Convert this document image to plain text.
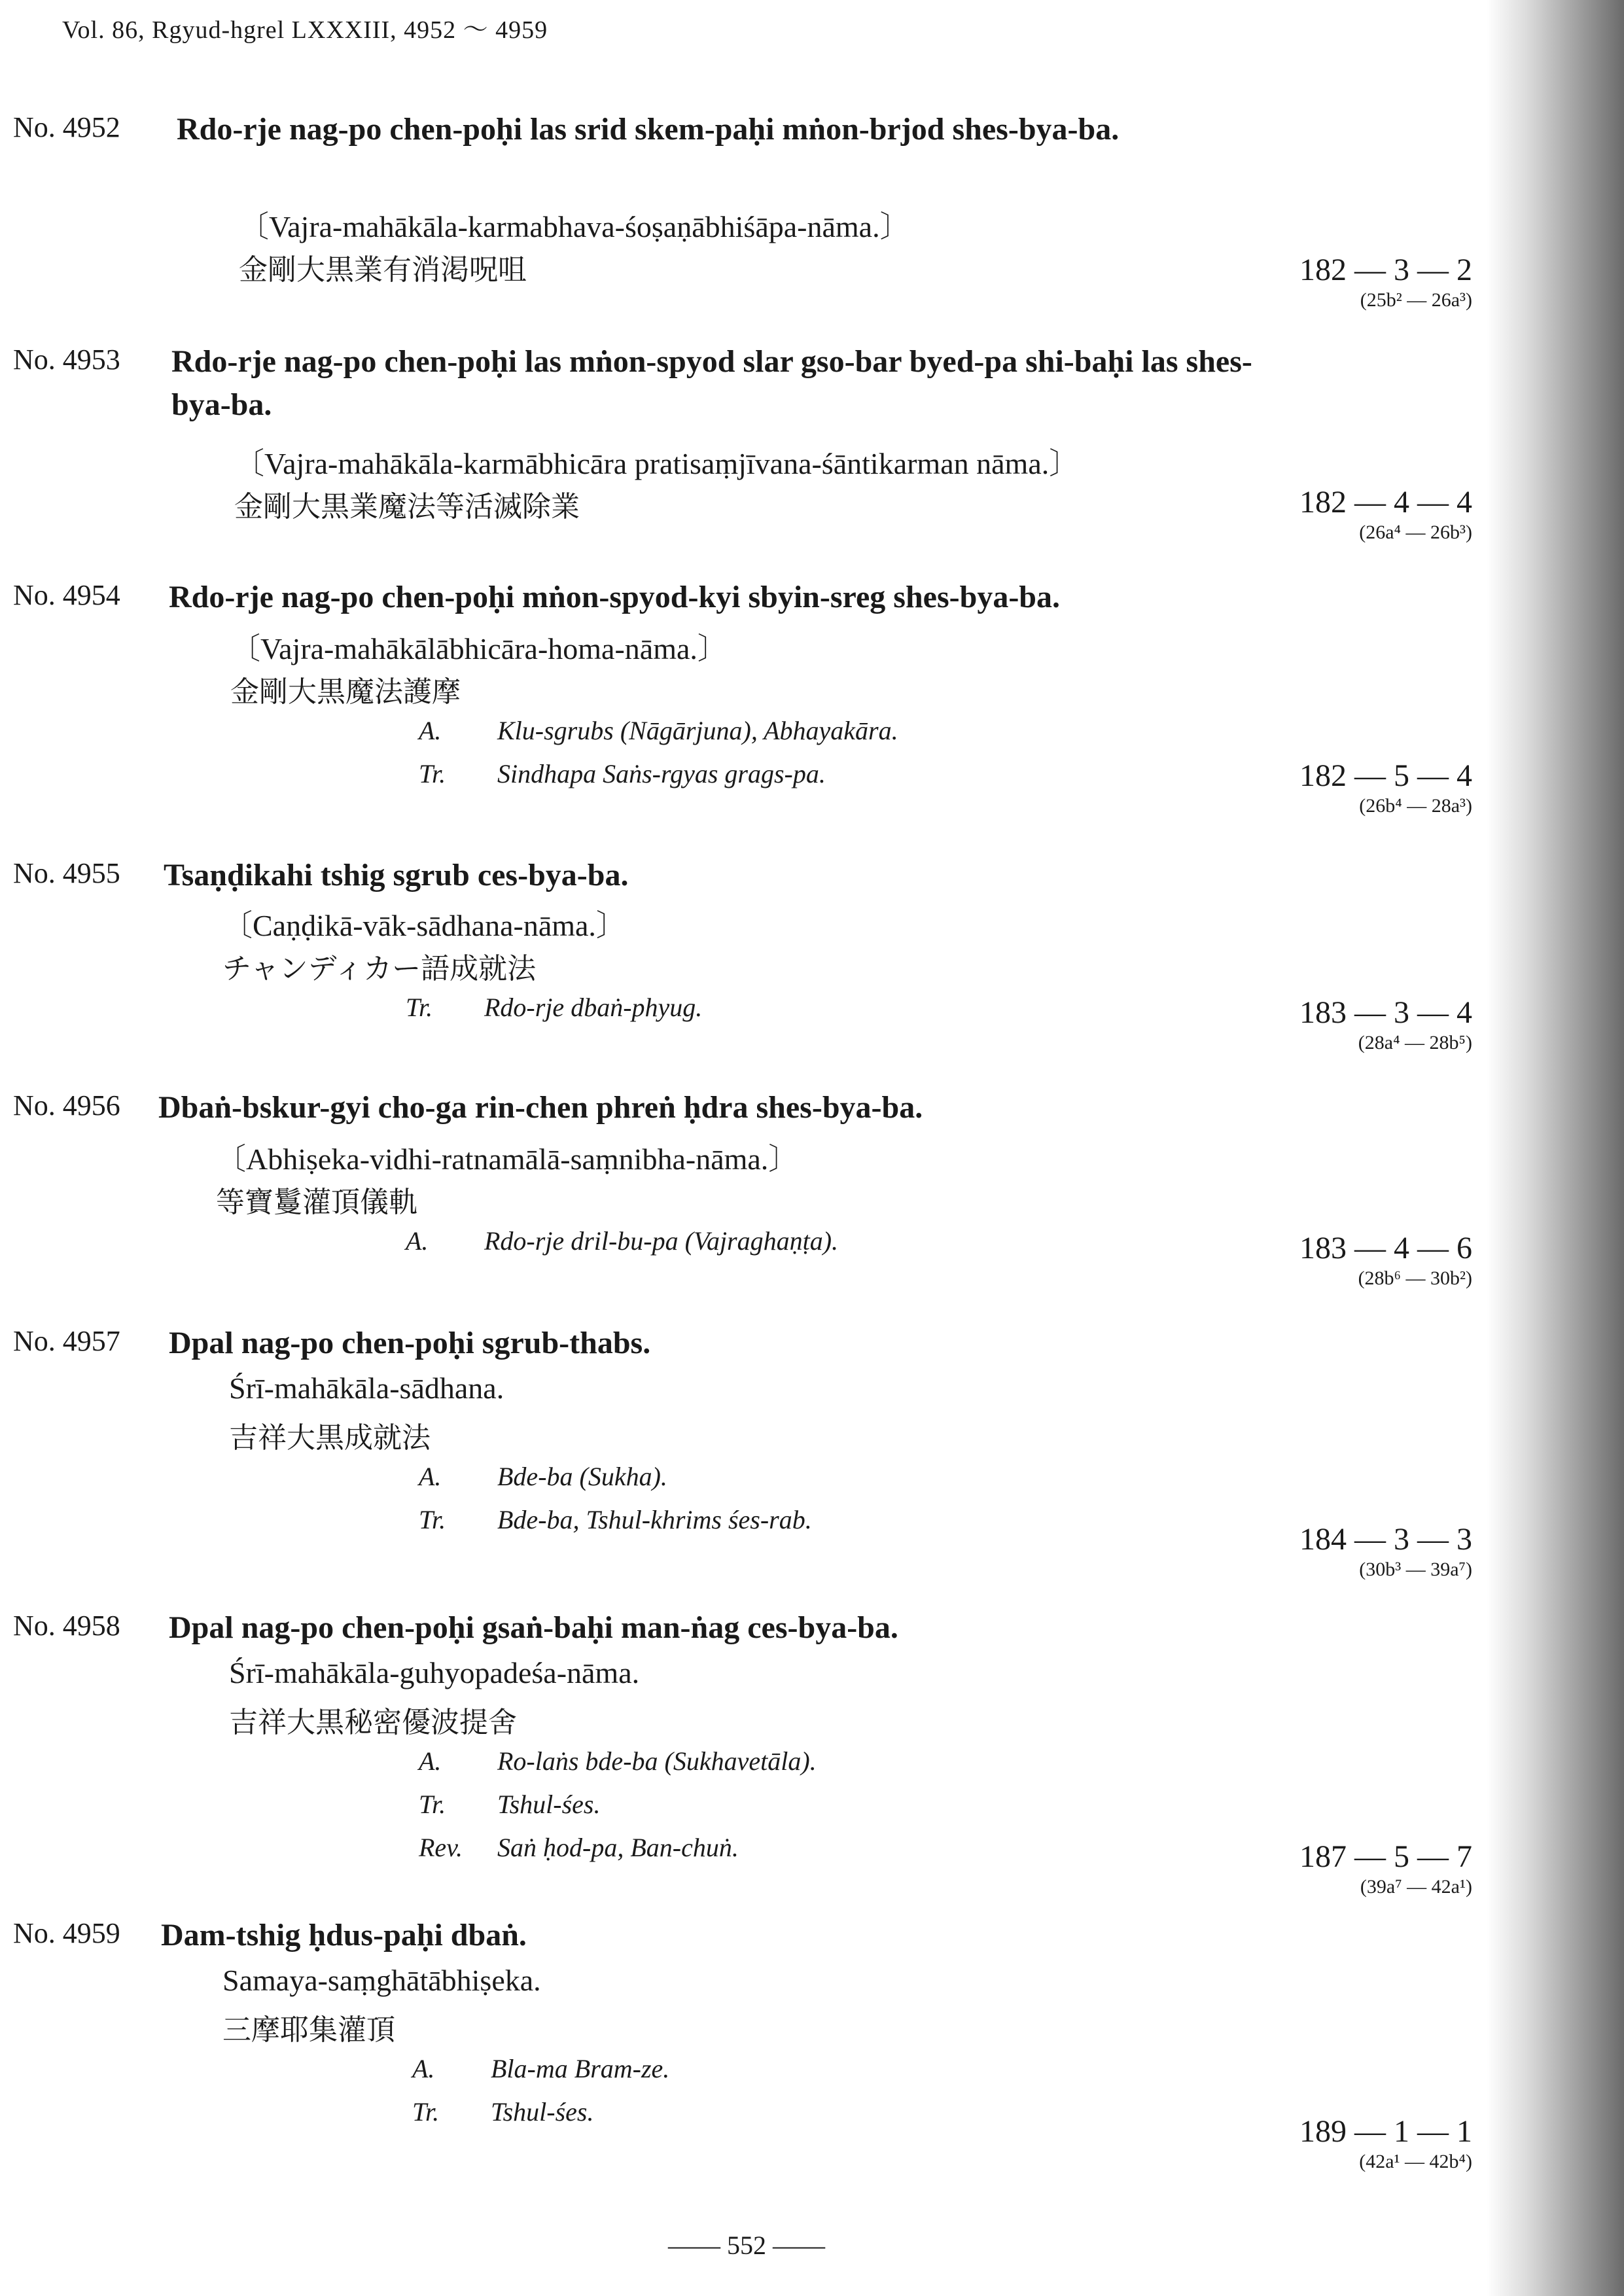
Vol. 86, Rgyud-hgrel LXXXIII, 4952 ～ 4959
No. 4952 Rdo-rje nag-po chen-poḥi las srid skem-paḥi mṅon-brjod shes-bya-ba.
〔Vajra-mahākāla-karmabhava-śoṣaṇābhiśāpa-nāma.〕
金剛大黒業有消渇呪咀	182 — 3 — 2
(25b² — 26a³)
No. 4953 Rdo-rje nag-po chen-poḥi las mṅon-spyod slar gso-bar byed-pa shi-baḥi las shes-bya-ba.
〔Vajra-mahākāla-karmābhicāra pratisaṃjīvana-śāntikarman nāma.〕
金剛大黒業魔法等活滅除業	182 — 4 — 4
(26a⁴ — 26b³)
No. 4954 Rdo-rje nag-po chen-poḥi mṅon-spyod-kyi sbyin-sreg shes-bya-ba.
〔Vajra-mahākālābhicāra-homa-nāma.〕
金剛大黒魔法護摩
A. Klu-sgrubs (Nāgārjuna), Abhayakāra.
Tr. Sindhapa Saṅs-rgyas grags-pa.	182 — 5 — 4
(26b⁴ — 28a³)
No. 4955 Tsaṇḍikahi tshig sgrub ces-bya-ba.
〔Caṇḍikā-vāk-sādhana-nāma.〕
チャンディカー語成就法
Tr. Rdo-rje dbaṅ-phyug.	183 — 3 — 4
(28a⁴ — 28b⁵)
No. 4956 Dbaṅ-bskur-gyi cho-ga rin-chen phreṅ ḥdra shes-bya-ba.
〔Abhiṣeka-vidhi-ratnamālā-saṃnibha-nāma.〕
等寶鬘灌頂儀軌
A. Rdo-rje dril-bu-pa (Vajraghaṇṭa).	183 — 4 — 6
(28b⁶ — 30b²)
No. 4957 Dpal nag-po chen-poḥi sgrub-thabs.
Śrī-mahākāla-sādhana.
吉祥大黒成就法
A. Bde-ba (Sukha).
Tr. Bde-ba, Tshul-khrims śes-rab.
184 — 3 — 3
(30b³ — 39a⁷)
No. 4958 Dpal nag-po chen-poḥi gsaṅ-baḥi man-ṅag ces-bya-ba.
Śrī-mahākāla-guhyopadeśa-nāma.
吉祥大黒秘密優波提舍
A. Ro-laṅs bde-ba (Sukhavetāla).
Tr. Tshul-śes.
Rev. Saṅ ḥod-pa, Ban-chuṅ.	187 — 5 — 7
(39a⁷ — 42a¹)
No. 4959 Dam-tshig ḥdus-paḥi dbaṅ.
Samaya-saṃghātābhiṣeka.
三摩耶集灌頂
A. Bla-ma Bram-ze.
Tr. Tshul-śes.
189 — 1 — 1
(42a¹ — 42b⁴)
—— 552 ——
